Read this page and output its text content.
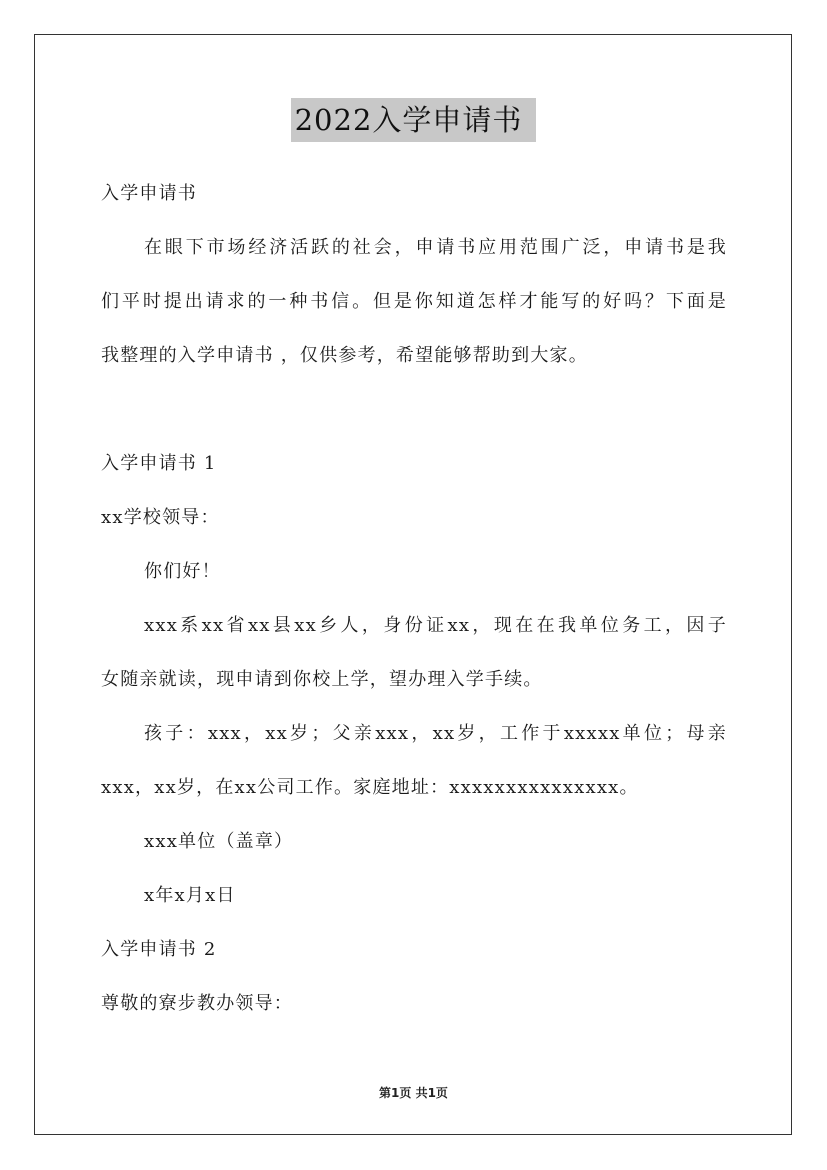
2022入学申请书
入学申请书
在眼下市场经济活跃的社会，申请书应用范围广泛，申请书是我
们平时提出请求的一种书信。但是你知道怎样才能写的好吗？下面是
我整理的入学申请书 ，仅供参考，希望能够帮助到大家。
入学申请书 1
xx学校领导：
你们好！
xxx系xx省xx县xx乡人，身份证xx，现在在我单位务工，因子
女随亲就读，现申请到你校上学，望办理入学手续。
孩子：xxx，xx岁；父亲xxx，xx岁，工作于xxxxx单位；母亲
xxx，xx岁，在xx公司工作。家庭地址：xxxxxxxxxxxxxxx。
xxx单位（盖章）
x年x月x日
入学申请书 2
尊敬的寮步教办领导：
第1页 共1页
